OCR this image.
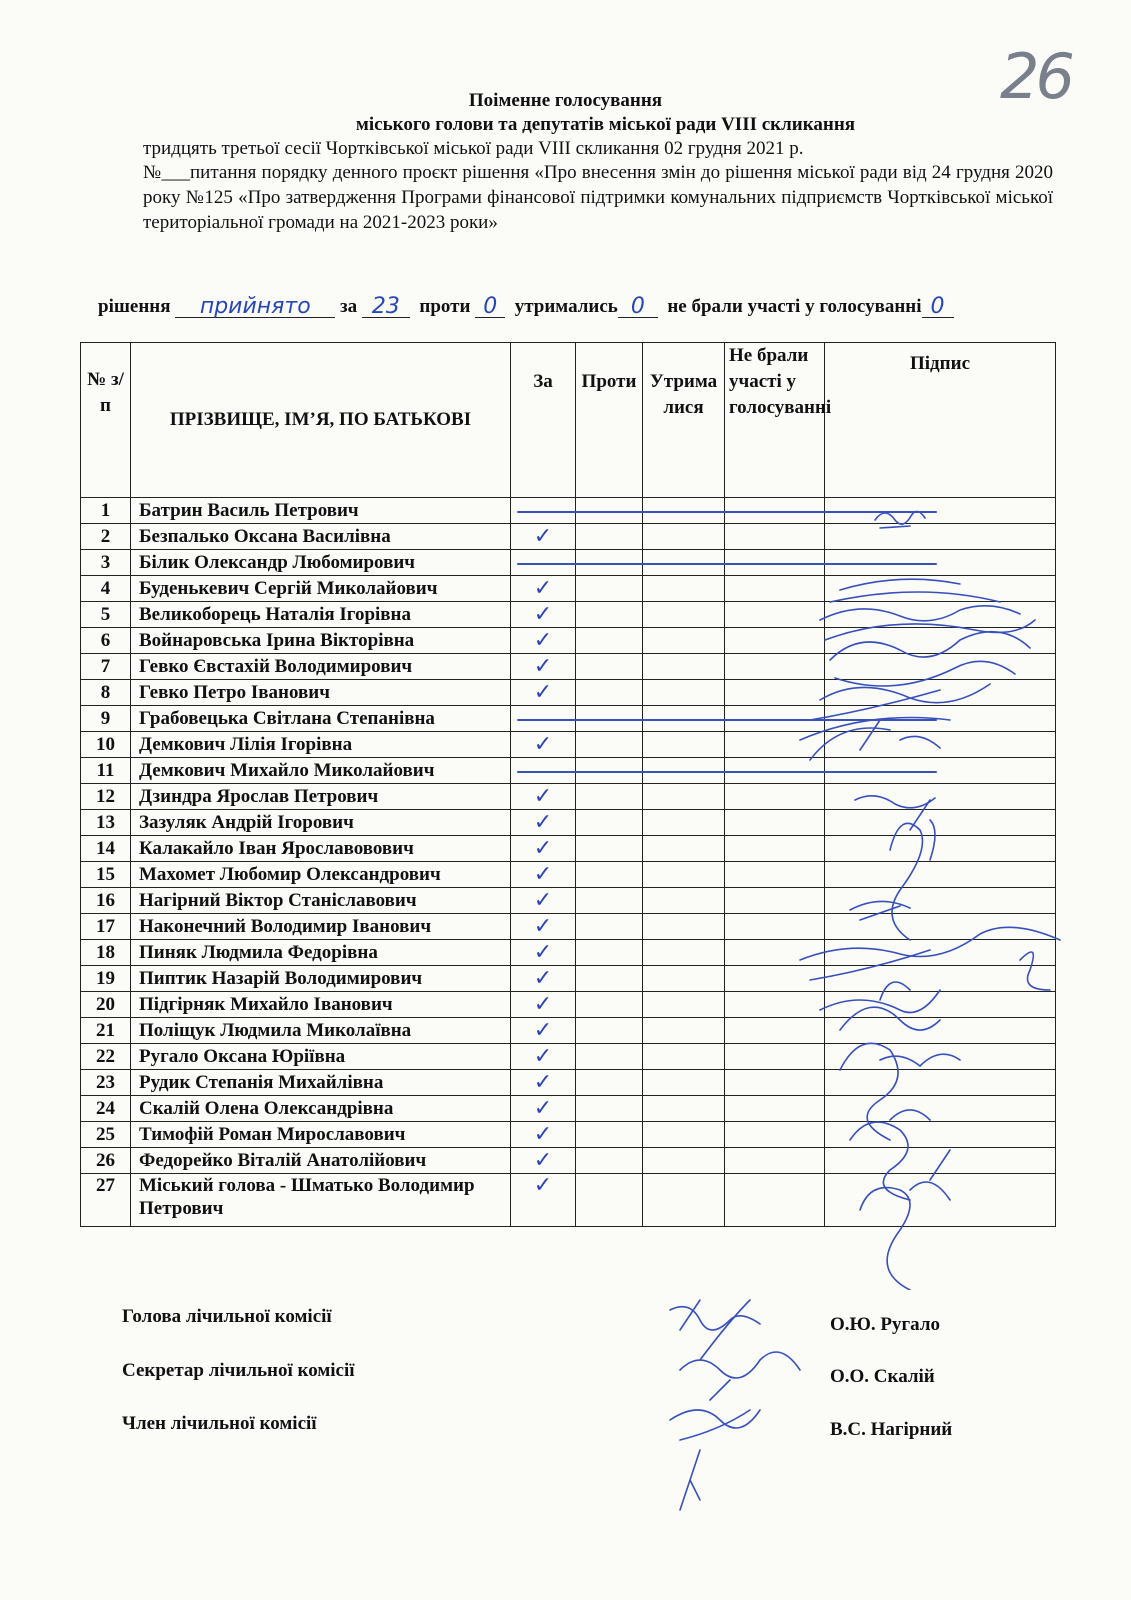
26
Поіменне голосування
міського голови та депутатів міської ради VIII скликання
тридцять третьої сесії Чортківської міської ради VIII скликання 02 грудня 2021 р.
№___питання порядку денного проєкт рішення «Про внесення змін до рішення міської ради від 24 грудня 2020 року №125 «Про затвердження Програми фінансової підтримки комунальних підприємств Чортківської міської територіальної громади на 2021-2023 роки»
рішення прийнято за 23 проти 0 утримались 0 не брали участі у голосуванні 0
№ з/п	ПРІЗВИЩЕ, ІМ’Я, ПО БАТЬКОВІ	За	Проти	Утрималися	Не брали участі у голосуванні	Підпис
1	Батрин Василь Петрович	

2	Безпалько Оксана Василівна	✓				

3	Білик Олександр Любомирович	

4	Буденькевич Сергій Миколайович	✓				

5	Великоборець Наталія Ігорівна	✓				

6	Войнаровська Ірина Вікторівна	✓				

7	Гевко Євстахій Володимирович	✓				

8	Гевко Петро Іванович	✓				

9	Грабовецька Світлана Степанівна	

10	Демкович Лілія Ігорівна	✓				

11	Демкович Михайло Миколайович	

12	Дзиндра Ярослав Петрович	✓				

13	Зазуляк Андрій Ігорович	✓				

14	Калакайло Іван Ярославовович	✓				

15	Махомет Любомир Олександрович	✓				

16	Нагірний Віктор Станіславович	✓				

17	Наконечний Володимир Іванович	✓				

18	Пиняк Людмила Федорівна	✓				

19	Пиптик Назарій Володимирович	✓				

20	Підгірняк Михайло Іванович	✓				

21	Поліщук Людмила Миколаївна	✓				

22	Ругало Оксана Юріївна	✓				

23	Рудик Степанія Михайлівна	✓				

24	Скалій Олена Олександрівна	✓				

25	Тимофій Роман Мирославович	✓				

26	Федорейко Віталій Анатолійович	✓				

27	Міський голова - Шматько Володимир Петрович	✓				

Голова лічильної комісії
Секретар лічильної комісії
Член лічильної комісії
О.Ю. Ругало
О.О. Скалій
В.С. Нагірний
